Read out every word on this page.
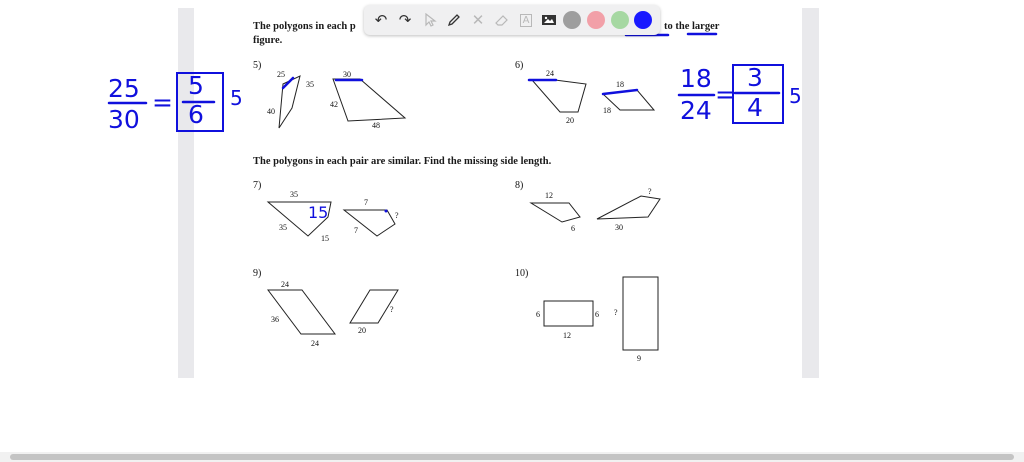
The polygons in each p	to the larger
figure.
The polygons in each pair are similar. Find the missing side length.
5)	6)
7)	8)
9)	10)
25
35
40
30
42
48
24
20
18
18
35
35
15
7
7
?
12
6
?
30
24
36
24
20
?
6	6
12
?
9
25
30
=
5
6
5
18
24
=
3
4 5
15
↶ ↷	✕	A
